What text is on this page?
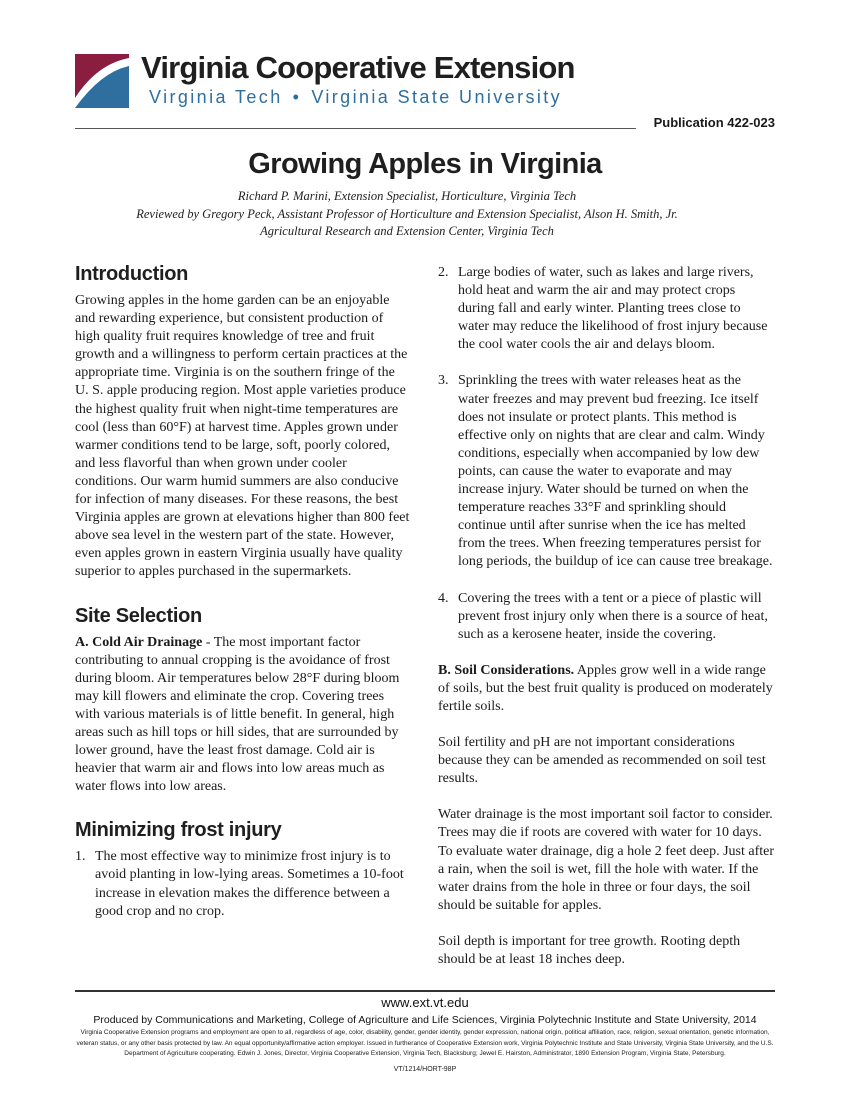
Virginia Cooperative Extension
Virginia Tech • Virginia State University
Publication 422-023
Growing Apples in Virginia
Richard P. Marini, Extension Specialist, Horticulture, Virginia Tech
Reviewed by Gregory Peck, Assistant Professor of Horticulture and Extension Specialist, Alson H. Smith, Jr.
Agricultural Research and Extension Center, Virginia Tech
Introduction

Growing apples in the home garden can be an enjoyable and rewarding experience, but consistent production of high quality fruit requires knowledge of tree and fruit growth and a willingness to perform certain practices at the appropriate time. Virginia is on the southern fringe of the U. S. apple producing region. Most apple varieties produce the highest quality fruit when night-time temperatures are cool (less than 60°F) at harvest time. Apples grown under warmer conditions tend to be large, soft, poorly colored, and less flavorful than when grown under cooler conditions. Our warm humid summers are also conducive for infection of many diseases. For these reasons, the best Virginia apples are grown at elevations higher than 800 feet above sea level in the western part of the state. However, even apples grown in eastern Virginia usually have quality superior to apples purchased in the supermarkets.

Site Selection

A. Cold Air Drainage - The most important factor contributing to annual cropping is the avoidance of frost during bloom. Air temperatures below 28°F during bloom may kill flowers and eliminate the crop. Covering trees with various materials is of little benefit. In general, high areas such as hill tops or hill sides, that are surrounded by lower ground, have the least frost damage. Cold air is heavier that warm air and flows into low areas much as water flows into low areas.

Minimizing frost injury
1. The most effective way to minimize frost injury is to avoid planting in low-lying areas. Sometimes a 10-foot increase in elevation makes the difference between a good crop and no crop.
2. Large bodies of water, such as lakes and large rivers, hold heat and warm the air and may protect crops during fall and early winter. Planting trees close to water may reduce the likelihood of frost injury because the cool water cools the air and delays bloom.
3. Sprinkling the trees with water releases heat as the water freezes and may prevent bud freezing. Ice itself does not insulate or protect plants. This method is effective only on nights that are clear and calm. Windy conditions, especially when accompanied by low dew points, can cause the water to evaporate and may increase injury. Water should be turned on when the temperature reaches 33°F and sprinkling should continue until after sunrise when the ice has melted from the trees. When freezing temperatures persist for long periods, the buildup of ice can cause tree breakage.
4. Covering the trees with a tent or a piece of plastic will prevent frost injury only when there is a source of heat, such as a kerosene heater, inside the covering.

B. Soil Considerations. Apples grow well in a wide range of soils, but the best fruit quality is produced on moderately fertile soils.

Soil fertility and pH are not important considerations because they can be amended as recommended on soil test results.

Water drainage is the most important soil factor to consider. Trees may die if roots are covered with water for 10 days. To evaluate water drainage, dig a hole 2 feet deep. Just after a rain, when the soil is wet, fill the hole with water. If the water drains from the hole in three or four days, the soil should be suitable for apples.

Soil depth is important for tree growth. Rooting depth should be at least 18 inches deep.

www.ext.vt.edu
Produced by Communications and Marketing, College of Agriculture and Life Sciences, Virginia Polytechnic Institute and State University, 2014
Virginia Cooperative Extension programs and employment are open to all, regardless of age, color, disability, gender, gender identity, gender expression, national origin, political affiliation, race, religion, sexual orientation, genetic information, veteran status, or any other basis protected by law. An equal opportunity/affirmative action employer. Issued in furtherance of Cooperative Extension work, Virginia Polytechnic Institute and State University, Virginia State University, and the U.S. Department of Agriculture cooperating. Edwin J. Jones, Director, Virginia Cooperative Extension, Virginia Tech, Blacksburg; Jewel E. Hairston, Administrator, 1890 Extension Program, Virginia State, Petersburg.
VT/1214/HORT-98P
